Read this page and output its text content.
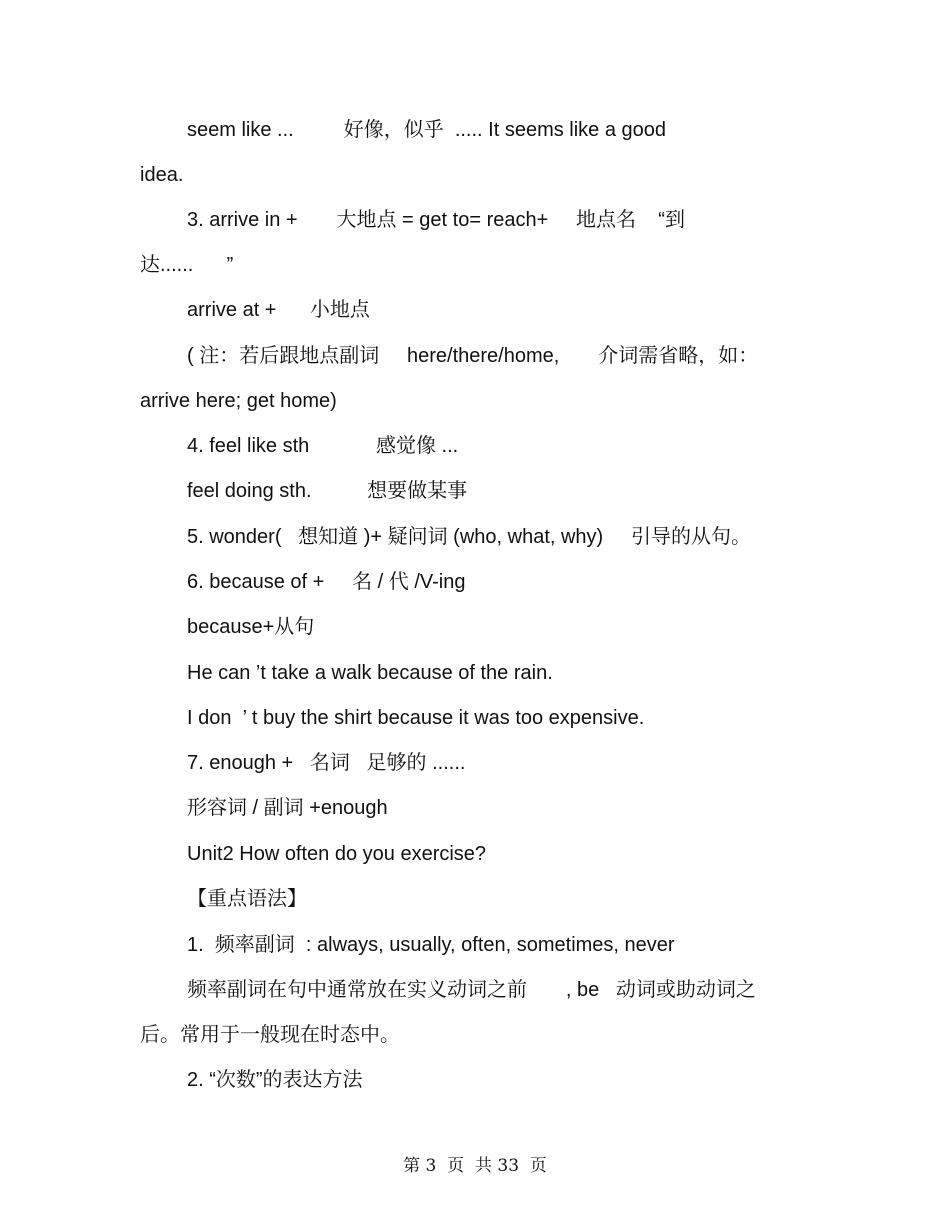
seem like ...         好像，似乎  ..... It seems like a good
idea.
3. arrive in +       大地点 = get to= reach+     地点名    “到
达......      ”
arrive at +      小地点
( 注：若后跟地点副词     here/there/home,       介词需省略，如：
arrive here; get home)
4. feel like sth            感觉像 ...
feel doing sth.          想要做某事
5. wonder(   想知道 )+ 疑问词 (who, what, why)     引导的从句。
6. because of +     名 / 代 /V-ing
because+从句
He can ’t take a walk because of the rain.
I don  ’ t buy the shirt because it was too expensive.
7. enough +   名词   足够的 ......
形容词 / 副词 +enough
Unit2 How often do you exercise?
【重点语法】
1.  频率副词  : always, usually, often, sometimes, never
频率副词在句中通常放在实义动词之前       , be   动词或助动词之
后。常用于一般现在时态中。
2. “次数”的表达方法
第 3  页  共 33  页
